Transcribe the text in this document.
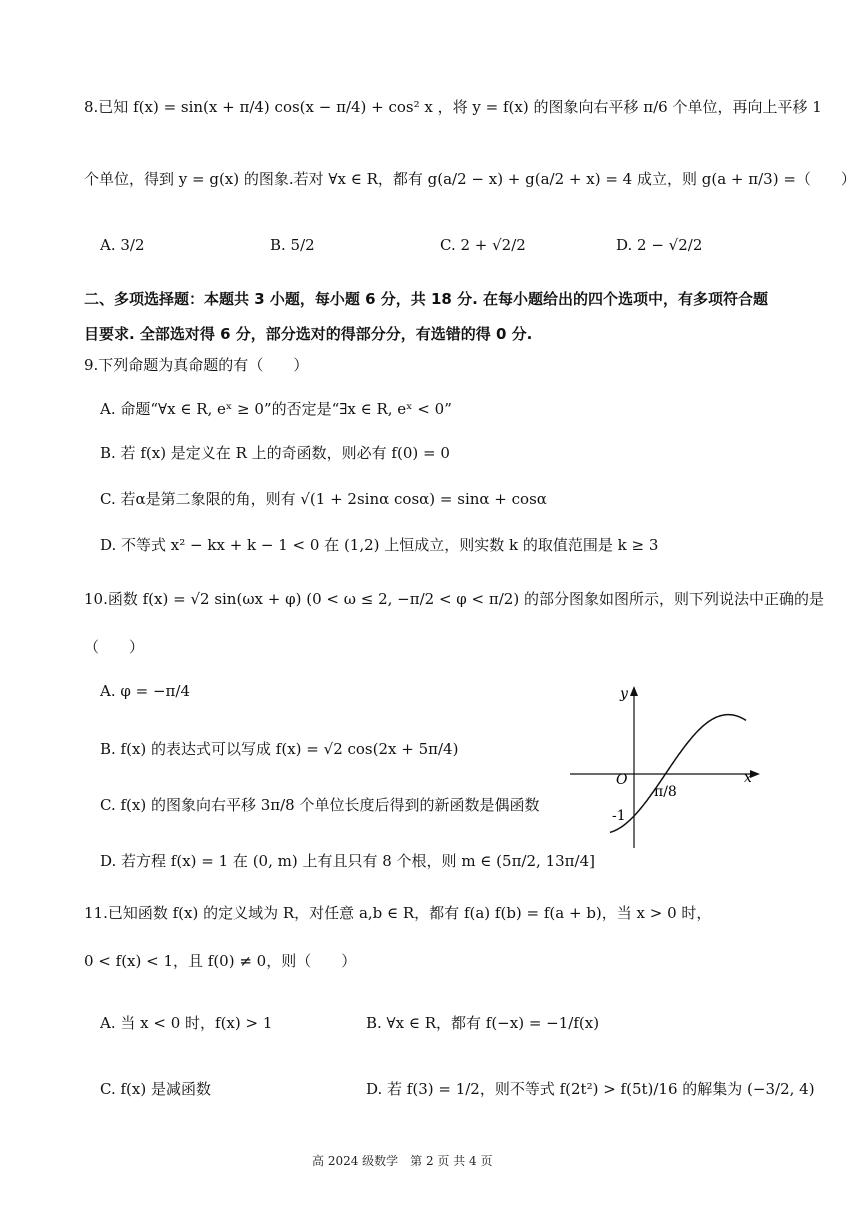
8.已知 f(x) = sin(x + π/4) cos(x − π/4) + cos² x ，将 y = f(x) 的图象向右平移 π/6 个单位，再向上平移 1
个单位，得到 y = g(x) 的图象.若对 ∀x ∈ R，都有 g(a/2 − x) + g(a/2 + x) = 4 成立，则 g(a + π/3) =（　　）
A. 3/2	B. 5/2	C. 2 + √2/2	D. 2 − √2/2
二、多项选择题：本题共 3 小题，每小题 6 分，共 18 分. 在每小题给出的四个选项中，有多项符合题
目要求. 全部选对得 6 分，部分选对的得部分分，有选错的得 0 分.
9.下列命题为真命题的有（　　）
A. 命题“∀x ∈ R, eˣ ≥ 0”的否定是“∃x ∈ R, eˣ < 0”
B. 若 f(x) 是定义在 R 上的奇函数，则必有 f(0) = 0
C. 若α是第二象限的角，则有 √(1 + 2sinα cosα) = sinα + cosα
D. 不等式 x² − kx + k − 1 < 0 在 (1,2) 上恒成立，则实数 k 的取值范围是 k ≥ 3
10.函数 f(x) = √2 sin(ωx + φ) (0 < ω ≤ 2, −π/2 < φ < π/2) 的部分图象如图所示，则下列说法中正确的是
（　　）
A. φ = −π/4
B. f(x) 的表达式可以写成 f(x) = √2 cos(2x + 5π/4)
C. f(x) 的图象向右平移 3π/8 个单位长度后得到的新函数是偶函数
D. 若方程 f(x) = 1 在 (0, m) 上有且只有 8 个根，则 m ∈ (5π/2, 13π/4]
y
x
O
π/8
-1
11.已知函数 f(x) 的定义域为 R，对任意 a,b ∈ R，都有 f(a) f(b) = f(a + b)，当 x > 0 时，
0 < f(x) < 1，且 f(0) ≠ 0，则（　　）
A. 当 x < 0 时，f(x) > 1	B. ∀x ∈ R，都有 f(−x) = −1/f(x)
C. f(x) 是减函数	D. 若 f(3) = 1/2，则不等式 f(2t²) > f(5t)/16 的解集为 (−3/2, 4)
高 2024 级数学　第 2 页 共 4 页
